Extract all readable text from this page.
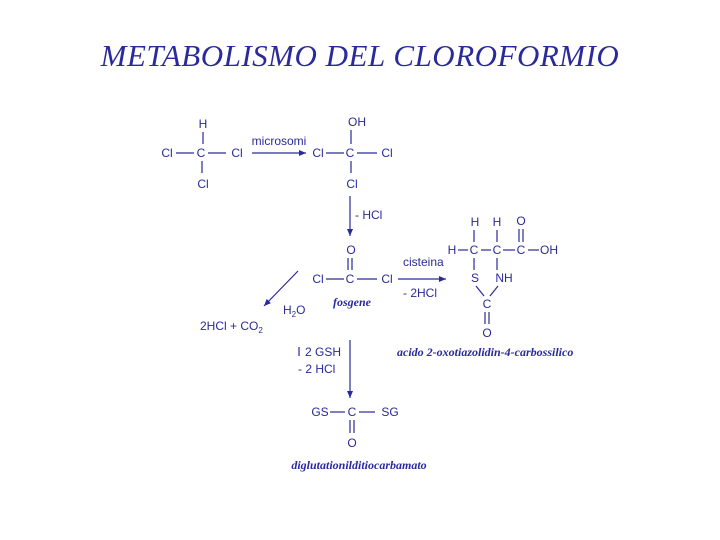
METABOLISMO DEL CLOROFORMIO
H
Cl C Cl
Cl
microsomi
OH
Cl C Cl
Cl
- HCl
O
Cl C Cl
fosgene
$H_2O$
$2HCl + CO_2$
cisteina
- 2HCl
H H O
H C C C OH
S NH
C
O
acido 2-oxotiazolidin-4-carbossilico
2 GSH
- 2 HCl
GS C SG
O
diglutationilditiocarbamato
